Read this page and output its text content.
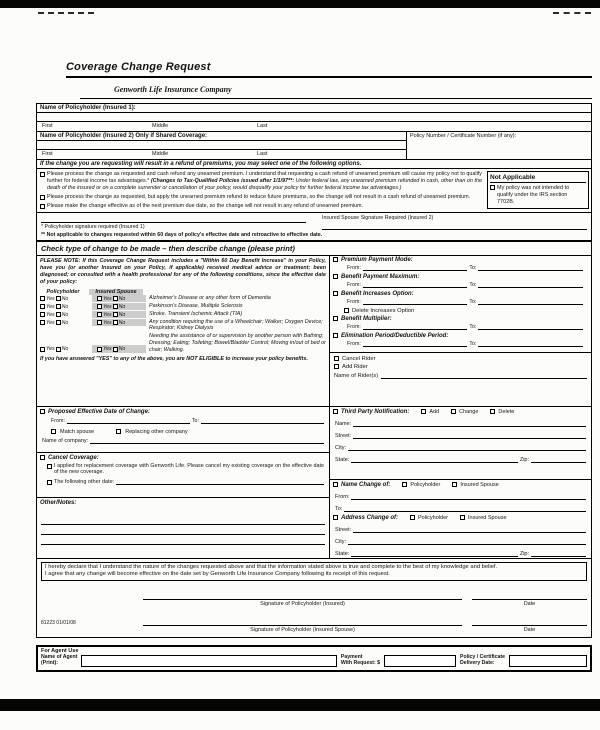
Coverage Change Request
Genworth Life Insurance Company
Name of Policyholder (Insured 1):
First	Middle	Last
Name of Policyholder (Insured 2) Only if Shared Coverage:
First	Middle	Last
Policy Number / Certificate Number (if any):
If the change you are requesting will result in a refund of premiums, you may select one of the following options.
Please process the change as requested and cash refund any unearned premium. I understand that requesting a cash refund of unearned premium will cause my policy not to qualify further for federal income tax advantages.* (Changes to Tax-Qualified Policies issued after 1/1/97**: Under federal law, any unearned premium refunded in cash, other than on the death of the insured or on a complete surrender or cancellation of your policy, would disqualify your policy for further federal income tax advantages.)
Please process the change as requested, but apply the unearned premium refund to reduce future premiums, so the change will not result in a cash refund of unearned premium.
Please make the change effective as of the next premium due date, so the change will not result in any refund of unearned premium.
Not Applicable
My policy was not intended to qualify under the IRS section 7702B.
* Policyholder signature required (Insured 1)
Insured Spouse Signature Required (Insured 2)
** Not applicable to changes requested within 60 days of policy's effective date and retroactive to effective date.
Check type of change to be made – then describe change (please print)
PLEASE NOTE: If this Coverage Change Request includes a "Within 60 Day Benefit Increase" in your Policy, have you (or another Insured on your Policy, if applicable) received medical advice or treatment; been diagnosed; or consulted with a health professional for any of the following conditions, since the effective date of your policy:
Policyholder	Insured Spouse
Yes No	Yes No	Alzheimer's Disease or any other form of Dementia
Yes No	Yes No	Parkinson's Disease, Multiple Sclerosis
Yes No	Yes No	Stroke, Transient Ischemic Attack (TIA)
Yes No	Yes No	Any condition requiring the use of a Wheelchair; Walker; Oxygen Device; Respirator; Kidney Dialysis
Yes No	Yes No
Needing the assistance of or supervision by another person with Bathing; Dressing; Eating; Toileting; Bowel/Bladder Control; Moving in/out of bed or chair; Walking.
If you have answered "YES" to any of the above, you are NOT ELIGIBLE to increase your policy benefits.
Proposed Effective Date of Change:
From:	To:
Match spouse	Replacing other company
Name of company:
Cancel Coverage:
I applied for replacement coverage with Genworth Life. Please cancel my existing coverage on the effective date of the new coverage.
The following other date:
Other/Notes:
Premium Payment Mode:
From:	To:
Benefit Payment Maximum:
From:	To:
Benefit Increases Option:
From:	To:
Delete Increases Option
Benefit Multiplier:
From:	To:
Elimination Period/Deductible Period:
From:	To:
Cancel Rider
Add Rider
Name of Rider(s)
Third Party Notification:	Add	Change	Delete
Name:
Street:
City:
State:	Zip:
Name Change of:	Policyholder	Insured Spouse
From:
To:
Address Change of:	Policyholder	Insured Spouse
Street:
City:
State:	Zip:
I hereby declare that I understand the nature of the changes requested above and that the information stated above is true and complete to the best of my knowledge and belief.
I agree that any change will become effective on the date set by Genworth Life Insurance Company following its receipt of this request.
Signature of Policyholder (Insured)	Date
81223 01/01/08
Signature of Policyholder (Insured Spouse)	Date
For Agent Use
Name of Agent
(Print):
Payment
With Request: $
Policy / Certificate
Delivery Date:
